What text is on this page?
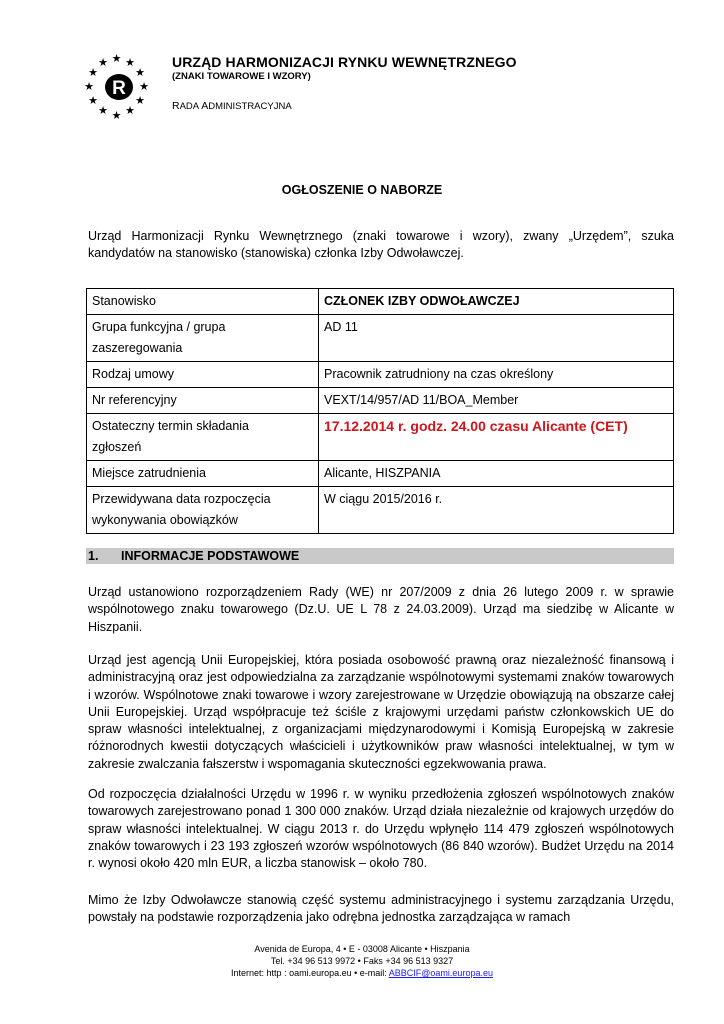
★ ★
★
★
★
★
★
★
★
★
★
★
R
URZĄD HARMONIZACJI RYNKU WEWNĘTRZNEGO
(ZNAKI TOWAROWE I WZORY)
RADA ADMINISTRACYJNA
OGŁOSZENIE O NABORZE
Urząd Harmonizacji Rynku Wewnętrznego (znaki towarowe i wzory), zwany „Urzędem”, szuka kandydatów na stanowisko (stanowiska) członka Izby Odwoławczej.
Stanowisko	CZŁONEK IZBY ODWOŁAWCZEJ
Grupa funkcyjna / grupa
zaszeregowania	AD 11
Rodzaj umowy	Pracownik zatrudniony na czas określony
Nr referencyjny	VEXT/14/957/AD 11/BOA_Member
Ostateczny termin składania
zgłoszeń	17.12.2014 r. godz. 24.00 czasu Alicante (CET)
Miejsce zatrudnienia	Alicante, HISZPANIA
Przewidywana data rozpoczęcia
wykonywania obowiązków	W ciągu 2015/2016 r.
1. INFORMACJE PODSTAWOWE
Urząd ustanowiono rozporządzeniem Rady (WE) nr 207/2009 z dnia 26 lutego 2009 r. w sprawie wspólnotowego znaku towarowego (Dz.U. UE L 78 z 24.03.2009). Urząd ma siedzibę w Alicante w Hiszpanii.
Urząd jest agencją Unii Europejskiej, która posiada osobowość prawną oraz niezależność finansową i administracyjną oraz jest odpowiedzialna za zarządzanie wspólnotowymi systemami znaków towarowych i wzorów. Wspólnotowe znaki towarowe i wzory zarejestrowane w Urzędzie obowiązują na obszarze całej Unii Europejskiej. Urząd współpracuje też ściśle z krajowymi urzędami państw członkowskich UE do spraw własności intelektualnej, z organizacjami międzynarodowymi i Komisją Europejską w zakresie różnorodnych kwestii dotyczących właścicieli i użytkowników praw własności intelektualnej, w tym w zakresie zwalczania fałszerstw i wspomagania skuteczności egzekwowania prawa.
Od rozpoczęcia działalności Urzędu w 1996 r. w wyniku przedłożenia zgłoszeń wspólnotowych znaków towarowych zarejestrowano ponad 1 300 000 znaków. Urząd działa niezależnie od krajowych urzędów do spraw własności intelektualnej. W ciągu 2013 r. do Urzędu wpłynęło 114 479 zgłoszeń wspólnotowych znaków towarowych i 23 193 zgłoszeń wzorów wspólnotowych (86 840 wzorów). Budżet Urzędu na 2014 r. wynosi około 420 mln EUR, a liczba stanowisk – około 780.
Mimo że Izby Odwoławcze stanowią część systemu administracyjnego i systemu zarządzania Urzędu, powstały na podstawie rozporządzenia jako odrębna jednostka zarządzająca w ramach
Avenida de Europa, 4 • E - 03008 Alicante • Hiszpania
Tel. +34 96 513 9972 • Faks +34 96 513 9327
Internet: http : oami.europa.eu • e-mail: ABBCIF@oami.europa.eu
